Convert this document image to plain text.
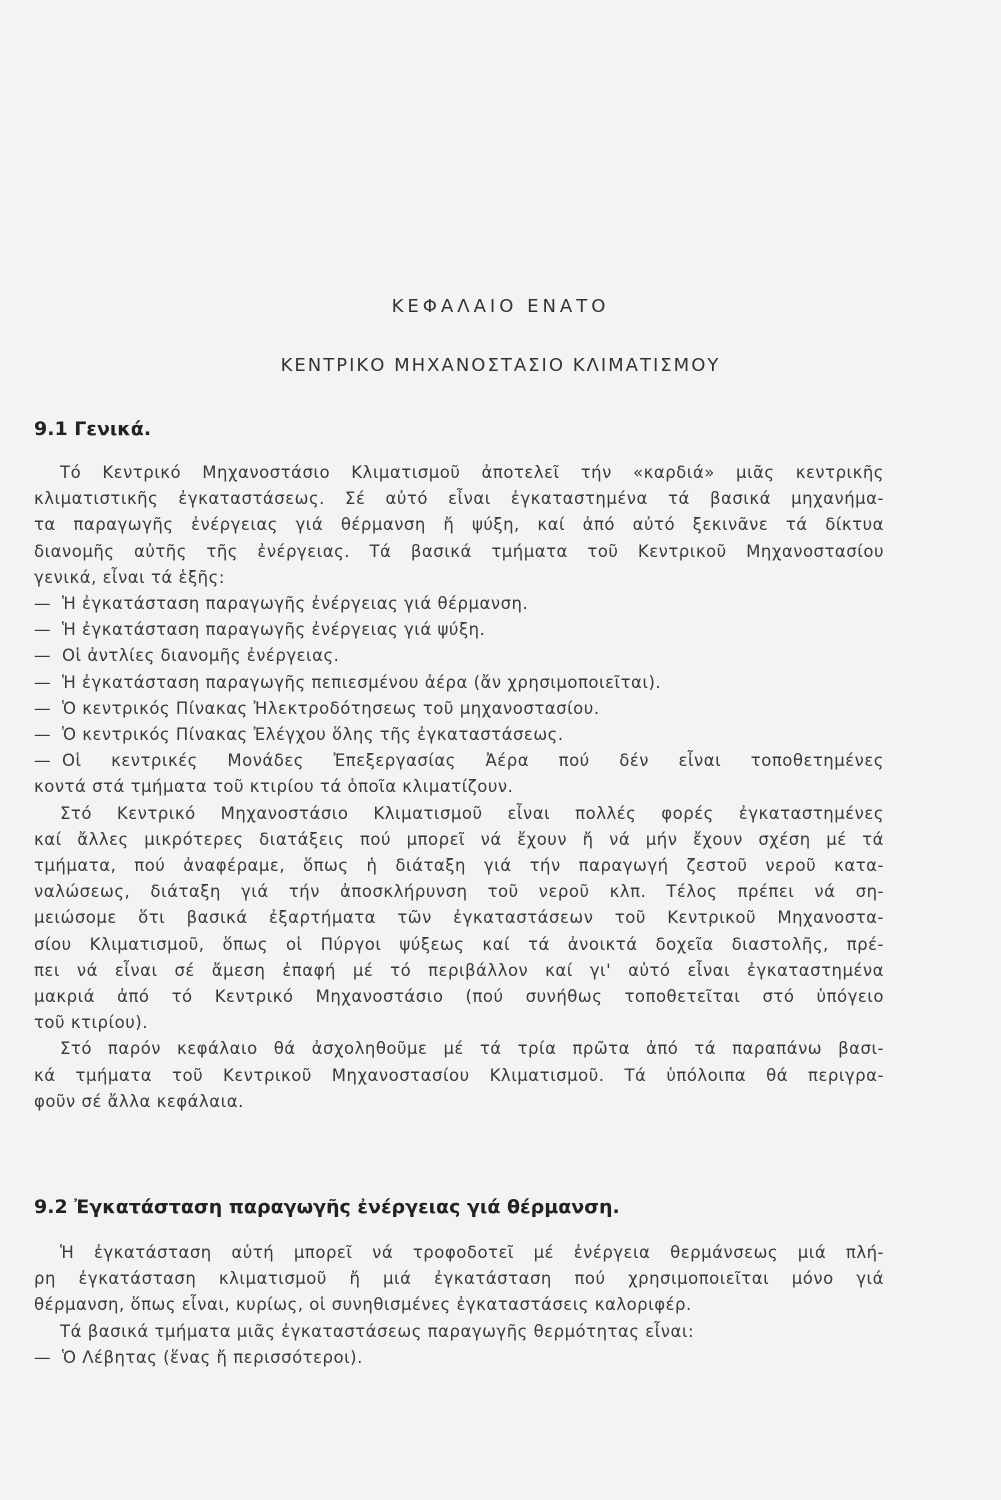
ΚΕΦΑΛΑΙΟ ΕΝΑΤΟ
ΚΕΝΤΡΙΚΟ ΜΗΧΑΝΟΣΤΑΣΙΟ ΚΛΙΜΑΤΙΣΜΟΥ
9.1 Γενικά.

Τό Κεντρικό Μηχανοστάσιο Κλιματισμοῦ ἀποτελεῖ τήν «καρδιά» μιᾶς κεντρικῆς

κλιματιστικῆς ἐγκαταστάσεως. Σέ αὐτό εἶναι ἐγκαταστημένα τά βασικά μηχανήμα-

τα παραγωγῆς ἐνέργειας γιά θέρμανση ἤ ψύξη, καί ἀπό αὐτό ξεκινᾶνε τά δίκτυα

διανομῆς αὐτῆς τῆς ἐνέργειας. Τά βασικά τμήματα τοῦ Κεντρικοῦ Μηχανοστασίου

γενικά, εἶναι τά ἑξῆς:

— Ἡ ἐγκατάσταση παραγωγῆς ἐνέργειας γιά θέρμανση.

— Ἡ ἐγκατάσταση παραγωγῆς ἐνέργειας γιά ψύξη.

— Οἱ ἀντλίες διανομῆς ἐνέργειας.

— Ἡ ἐγκατάσταση παραγωγῆς πεπιεσμένου ἀέρα (ἄν χρησιμοποιεῖται).

— Ὁ κεντρικός Πίνακας Ἠλεκτροδότησεως τοῦ μηχανοστασίου.

— Ὁ κεντρικός Πίνακας Ἐλέγχου ὅλης τῆς ἐγκαταστάσεως.

— Οἱ κεντρικές Μονάδες Ἐπεξεργασίας Ἀέρα πού δέν εἶναι τοποθετημένες

κοντά στά τμήματα τοῦ κτιρίου τά ὁποῖα κλιματίζουν.

Στό Κεντρικό Μηχανοστάσιο Κλιματισμοῦ εἶναι πολλές φορές ἐγκαταστημένες

καί ἄλλες μικρότερες διατάξεις πού μπορεῖ νά ἔχουν ἤ νά μήν ἔχουν σχέση μέ τά

τμήματα, πού ἀναφέραμε, ὅπως ἡ διάταξη γιά τήν παραγωγή ζεστοῦ νεροῦ κατα-

ναλώσεως, διάταξη γιά τήν ἀποσκλήρυνση τοῦ νεροῦ κλπ. Τέλος πρέπει νά ση-

μειώσομε ὅτι βασικά ἐξαρτήματα τῶν ἐγκαταστάσεων τοῦ Κεντρικοῦ Μηχανοστα-

σίου Κλιματισμοῦ, ὅπως οἱ Πύργοι ψύξεως καί τά ἀνοικτά δοχεῖα διαστολῆς, πρέ-

πει νά εἶναι σέ ἄμεση ἐπαφή μέ τό περιβάλλον καί γι' αὐτό εἶναι ἐγκαταστημένα

μακριά ἀπό τό Κεντρικό Μηχανοστάσιο (πού συνήθως τοποθετεῖται στό ὑπόγειο

τοῦ κτιρίου).

Στό παρόν κεφάλαιο θά ἀσχοληθοῦμε μέ τά τρία πρῶτα ἀπό τά παραπάνω βασι-

κά τμήματα τοῦ Κεντρικοῦ Μηχανοστασίου Κλιματισμοῦ. Τά ὑπόλοιπα θά περιγρα-

φοῦν σέ ἄλλα κεφάλαια.

9.2 Ἐγκατάσταση παραγωγῆς ἐνέργειας γιά θέρμανση.

Ἡ ἐγκατάσταση αὐτή μπορεῖ νά τροφοδοτεῖ μέ ἐνέργεια θερμάνσεως μιά πλή-

ρη ἐγκατάσταση κλιματισμοῦ ἤ μιά ἐγκατάσταση πού χρησιμοποιεῖται μόνο γιά

θέρμανση, ὅπως εἶναι, κυρίως, οἱ συνηθισμένες ἐγκαταστάσεις καλοριφέρ.

Τά βασικά τμήματα μιᾶς ἐγκαταστάσεως παραγωγῆς θερμότητας εἶναι:

— Ὁ Λέβητας (ἕνας ἤ περισσότεροι).
